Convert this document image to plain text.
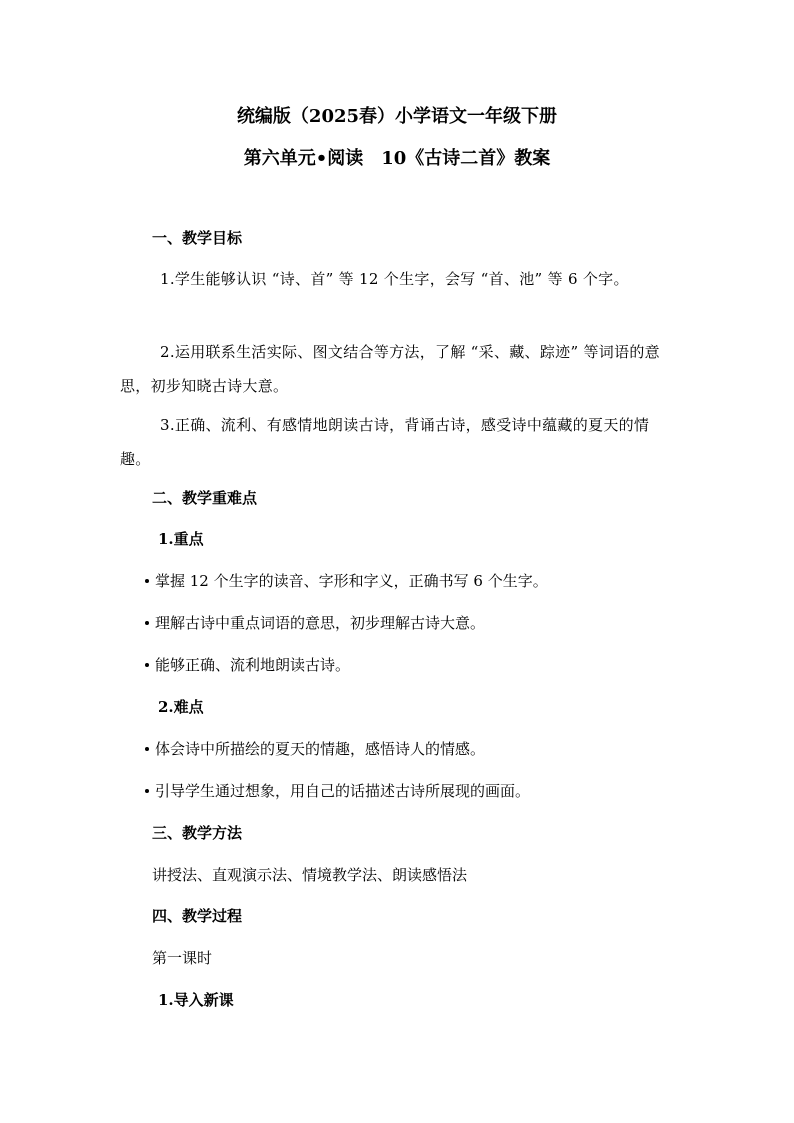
统编版（2025春）小学语文一年级下册
第六单元•阅读　10《古诗二首》教案
一、教学目标
1.学生能够认识 “诗、首” 等 12 个生字，会写 “首、池” 等 6 个字。
2.运用联系生活实际、图文结合等方法，了解 “采、藏、踪迹” 等词语的意思，初步知晓古诗大意。
3.正确、流利、有感情地朗读古诗，背诵古诗，感受诗中蕴藏的夏天的情趣。
二、教学重难点
1.重点
掌握 12 个生字的读音、字形和字义，正确书写 6 个生字。
理解古诗中重点词语的意思，初步理解古诗大意。
能够正确、流利地朗读古诗。
2.难点
体会诗中所描绘的夏天的情趣，感悟诗人的情感。
引导学生通过想象，用自己的话描述古诗所展现的画面。
三、教学方法
讲授法、直观演示法、情境教学法、朗读感悟法
四、教学过程
第一课时
1.导入新课
